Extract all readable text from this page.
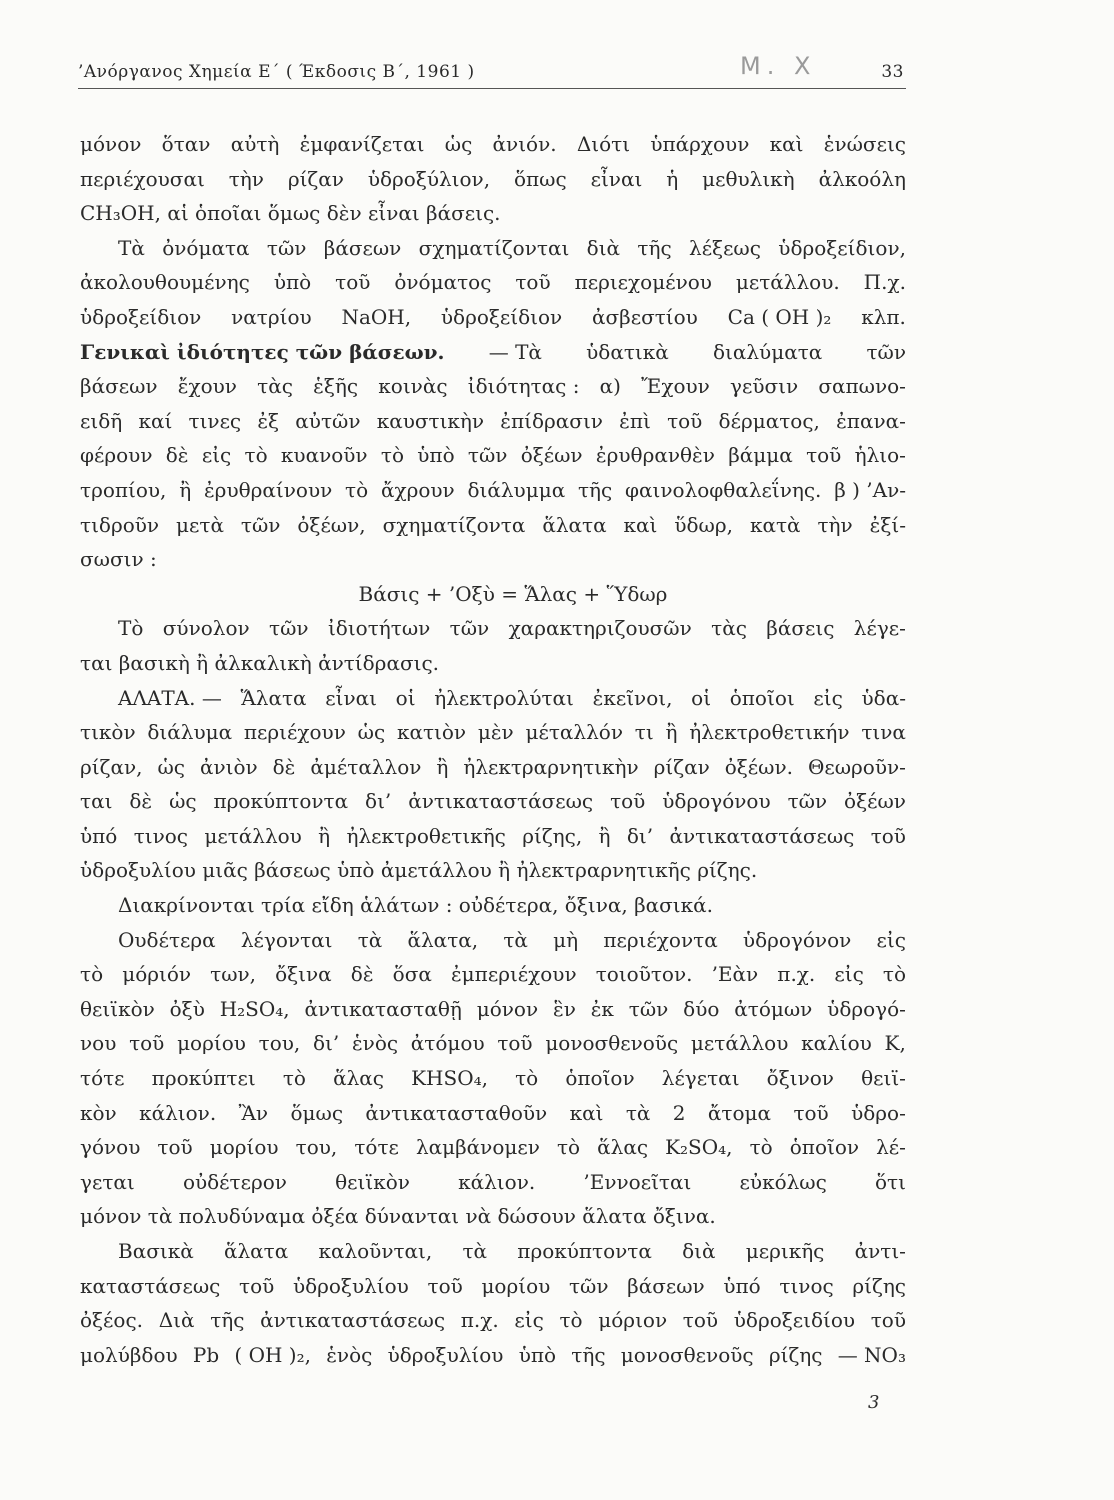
’Ανόργανος Χημεία Ε΄ ( Έκδοσις Β΄, 1961 )	Μ. Χ	33
μόνον ὅταν αὐτὴ ἐμφανίζεται ὡς ἀνιόν. Διότι ὑπάρχουν καὶ ἑνώσεις
περιέχουσαι τὴν ρίζαν ὑδροξύλιον, ὅπως εἶναι ἡ μεθυλικὴ ἀλκοόλη
CH₃OH, αἱ ὁποῖαι ὅμως δὲν εἶναι βάσεις.
Τὰ ὀνόματα τῶν βάσεων σχηματίζονται διὰ τῆς λέξεως ὑδροξείδιον,
ἀκολουθουμένης ὑπὸ τοῦ ὀνόματος τοῦ περιεχομένου μετάλλου. Π.χ.
ὑδροξείδιον νατρίου NaOH, ὑδροξείδιον ἀσβεστίου Ca ( OH )₂ κλπ.
Γενικαὶ ἰδιότητες τῶν βάσεων. — Τὰ ὑδατικὰ διαλύματα τῶν
βάσεων ἔχουν τὰς ἑξῆς κοινὰς ἰδιότητας : α) Ἔχουν γεῦσιν σαπωνο-
ειδῆ καί τινες ἐξ αὐτῶν καυστικὴν ἐπίδρασιν ἐπὶ τοῦ δέρματος, ἐπανα-
φέρουν δὲ εἰς τὸ κυανοῦν τὸ ὑπὸ τῶν ὀξέων ἐρυθρανθὲν βάμμα τοῦ ἡλιο-
τροπίου, ἢ ἐρυθραίνουν τὸ ἄχρουν διάλυμμα τῆς φαινολοφθαλεΐνης. β ) ’Αν-
τιδροῦν μετὰ τῶν ὀξέων, σχηματίζοντα ἅλατα καὶ ὕδωρ, κατὰ τὴν ἐξί-
σωσιν :
Βάσις + ’Οξὺ = Ἅλας + Ὕδωρ
Τὸ σύνολον τῶν ἰδιοτήτων τῶν χαρακτηριζουσῶν τὰς βάσεις λέγε-
ται βασικὴ ἢ ἀλκαλικὴ ἀντίδρασις.
ΑΛΑΤΑ. — Ἅλατα εἶναι οἱ ἠλεκτρολύται ἐκεῖνοι, οἱ ὁποῖοι εἰς ὑδα-
τικὸν διάλυμα περιέχουν ὡς κατιὸν μὲν μέταλλόν τι ἢ ἠλεκτροθετικήν τινα
ρίζαν, ὡς ἀνιὸν δὲ ἀμέταλλον ἢ ἠλεκτραρνητικὴν ρίζαν ὀξέων. Θεωροῦν-
ται δὲ ὡς προκύπτοντα δι’ ἀντικαταστάσεως τοῦ ὑδρογόνου τῶν ὀξέων
ὑπό τινος μετάλλου ἢ ἠλεκτροθετικῆς ρίζης, ἢ δι’ ἀντικαταστάσεως τοῦ
ὑδροξυλίου μιᾶς βάσεως ὑπὸ ἀμετάλλου ἢ ἠλεκτραρνητικῆς ρίζης.
Διακρίνονται τρία εἴδη ἁλάτων : οὐδέτερα, ὄξινα, βασικά.
Ουδέτερα λέγονται τὰ ἅλατα, τὰ μὴ περιέχοντα ὑδρογόνον εἰς
τὸ μόριόν των, ὄξινα δὲ ὅσα ἐμπεριέχουν τοιοῦτον. ’Εὰν π.χ. εἰς τὸ
θειϊκὸν ὀξὺ H₂SO₄, ἀντικατασταθῇ μόνον ἓν ἐκ τῶν δύο ἀτόμων ὑδρογό-
νου τοῦ μορίου του, δι’ ἑνὸς ἀτόμου τοῦ μονοσθενοῦς μετάλλου καλίου K,
τότε προκύπτει τὸ ἅλας KHSO₄, τὸ ὁποῖον λέγεται ὄξινον θειϊ-
κὸν κάλιον. Ἂν ὅμως ἀντικατασταθοῦν καὶ τὰ 2 ἄτομα τοῦ ὑδρο-
γόνου τοῦ μορίου του, τότε λαμβάνομεν τὸ ἅλας K₂SO₄, τὸ ὁποῖον λέ-
γεται οὐδέτερον θειϊκὸν κάλιον. ’Εννοεῖται εὐκόλως ὅτι
μόνον τὰ πολυδύναμα ὀξέα δύνανται νὰ δώσουν ἅλατα ὄξινα.
Βασικὰ ἅλατα καλοῦνται, τὰ προκύπτοντα διὰ μερικῆς ἀντι-
καταστάσεως τοῦ ὑδροξυλίου τοῦ μορίου τῶν βάσεων ὑπό τινος ρίζης
ὀξέος. Διὰ τῆς ἀντικαταστάσεως π.χ. εἰς τὸ μόριον τοῦ ὑδροξειδίου τοῦ
μολύβδου Pb ( OH )₂, ἑνὸς ὑδροξυλίου ὑπὸ τῆς μονοσθενοῦς ρίζης — NO₃
3
